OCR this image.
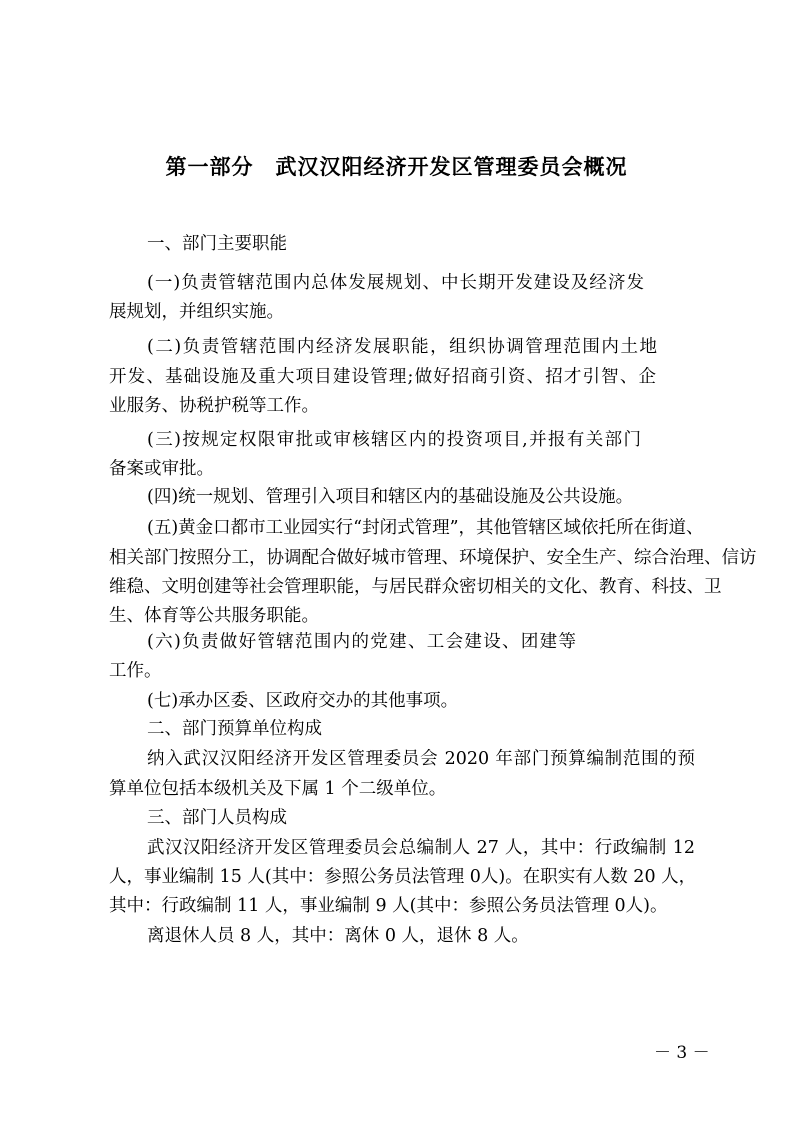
第一部分　武汉汉阳经济开发区管理委员会概况
一、部门主要职能
(一)负责管辖范围内总体发展规划、中长期开发建设及经济发
展规划，并组织实施。
(二)负责管辖范围内经济发展职能，组织协调管理范围内土地
开发、基础设施及重大项目建设管理;做好招商引资、招才引智、企
业服务、协税护税等工作。
(三)按规定权限审批或审核辖区内的投资项目,并报有关部门
备案或审批。
(四)统一规划、管理引入项目和辖区内的基础设施及公共设施。
(五)黄金口都市工业园实行“封闭式管理”，其他管辖区域依托所在街道、
相关部门按照分工，协调配合做好城市管理、环境保护、安全生产、综合治理、信访
维稳、文明创建等社会管理职能，与居民群众密切相关的文化、教育、科技、卫
生、体育等公共服务职能。
(六)负责做好管辖范围内的党建、工会建设、团建等
工作。
(七)承办区委、区政府交办的其他事项。
二、部门预算单位构成
纳入武汉汉阳经济开发区管理委员会 2020 年部门预算编制范围的预
算单位包括本级机关及下属 1 个二级单位。
三、部门人员构成
武汉汉阳经济开发区管理委员会总编制人 27 人，其中：行政编制 12
人，事业编制 15 人(其中：参照公务员法管理 0人)。在职实有人数 20 人，
其中：行政编制 11 人，事业编制 9 人(其中：参照公务员法管理 0人)。
离退休人员 8 人，其中：离休 0 人，退休 8 人。
－ 3 －
